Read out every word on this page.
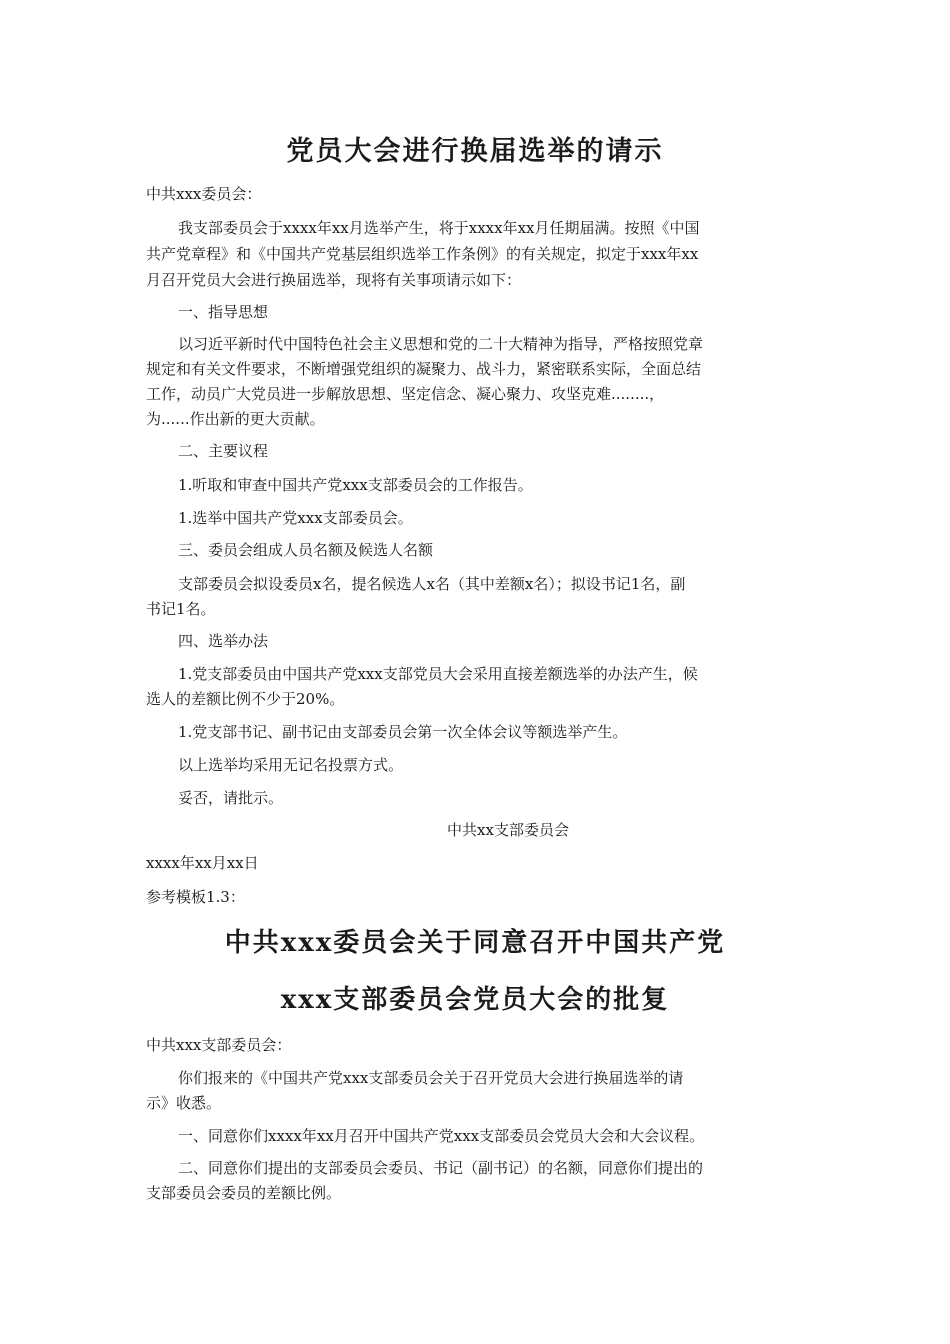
党员大会进行换届选举的请示

中共xxx委员会：

我支部委员会于xxxx年xx月选举产生，将于xxxx年xx月任期届满。按照《中国

共产党章程》和《中国共产党基层组织选举工作条例》的有关规定，拟定于xxx年xx

月召开党员大会进行换届选举，现将有关事项请示如下：

一、指导思想

以习近平新时代中国特色社会主义思想和党的二十大精神为指导，严格按照党章

规定和有关文件要求，不断增强党组织的凝聚力、战斗力，紧密联系实际，全面总结

工作，动员广大党员进一步解放思想、坚定信念、凝心聚力、攻坚克难........，

为......作出新的更大贡献。

二、主要议程

1.听取和审查中国共产党xxx支部委员会的工作报告。

1.选举中国共产党xxx支部委员会。

三、委员会组成人员名额及候选人名额

支部委员会拟设委员x名，提名候选人x名（其中差额x名）；拟设书记1名，副

书记1名。

四、选举办法

1.党支部委员由中国共产党xxx支部党员大会采用直接差额选举的办法产生，候

选人的差额比例不少于20%。

1.党支部书记、副书记由支部委员会第一次全体会议等额选举产生。

以上选举均采用无记名投票方式。

妥否，请批示。

中共xx支部委员会

xxxx年xx月xx日

参考模板1.3：

中共xxx委员会关于同意召开中国共产党
xxx支部委员会党员大会的批复

中共xxx支部委员会：

你们报来的《中国共产党xxx支部委员会关于召开党员大会进行换届选举的请

示》收悉。

一、同意你们xxxx年xx月召开中国共产党xxx支部委员会党员大会和大会议程。

二、同意你们提出的支部委员会委员、书记（副书记）的名额，同意你们提出的

支部委员会委员的差额比例。
